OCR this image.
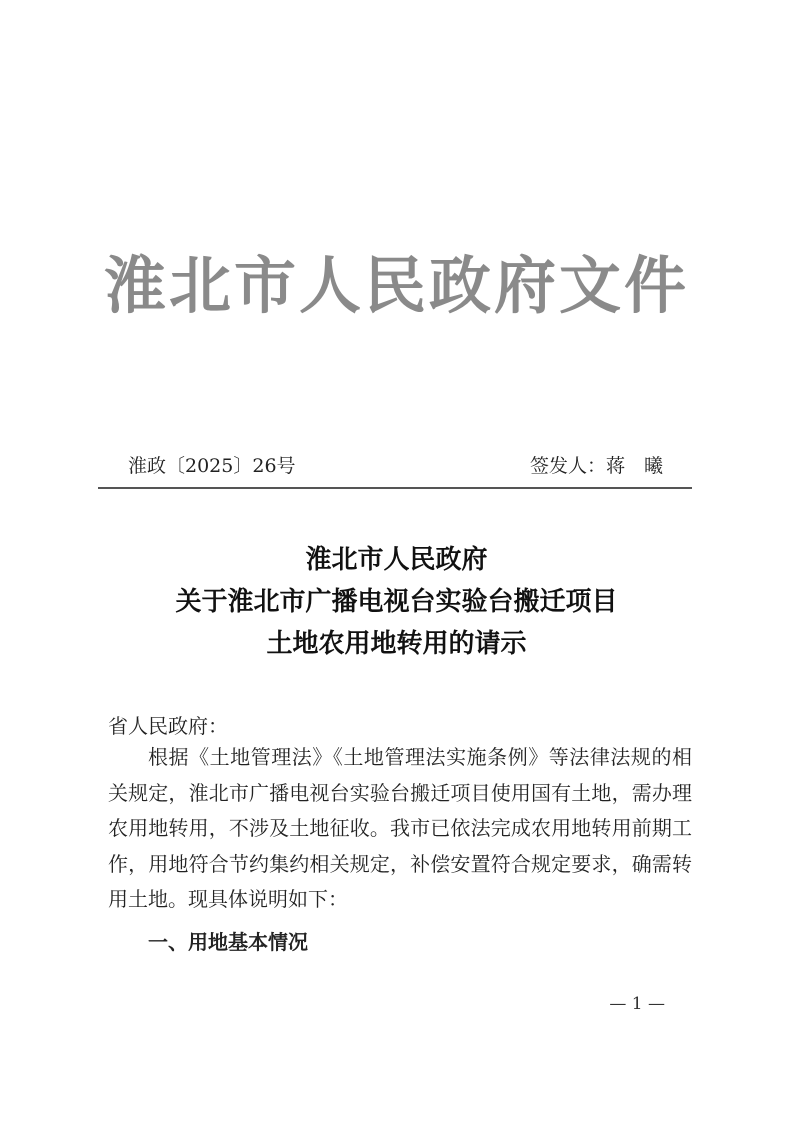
淮北市人民政府文件
淮政〔2025〕26号	签发人：蒋　曦
淮北市人民政府
关于淮北市广播电视台实验台搬迁项目
土地农用地转用的请示
省人民政府：

根据《土地管理法》《土地管理法实施条例》等法律法规的相关规定，淮北市广播电视台实验台搬迁项目使用国有土地，需办理农用地转用，不涉及土地征收。我市已依法完成农用地转用前期工作，用地符合节约集约相关规定，补偿安置符合规定要求，确需转用土地。现具体说明如下：

一、用地基本情况
— 1 —
